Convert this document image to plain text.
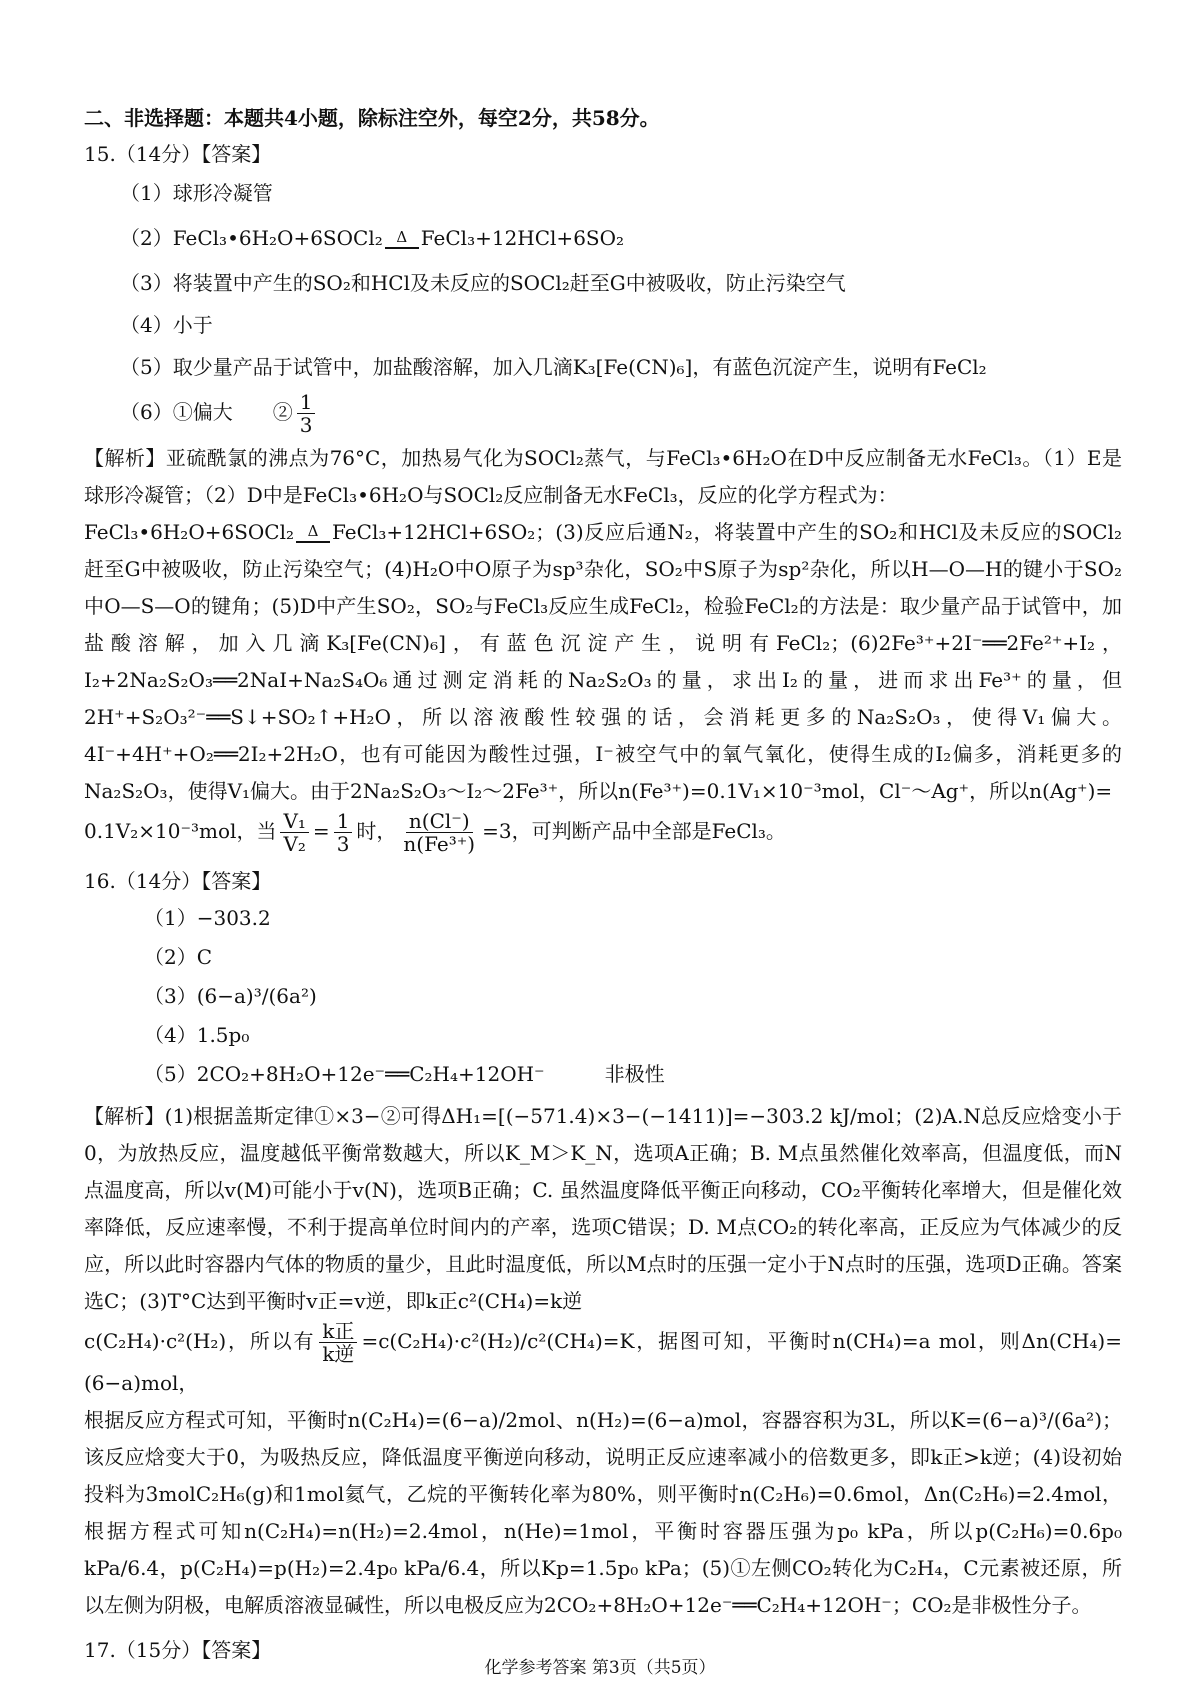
二、非选择题：本题共4小题，除标注空外，每空2分，共58分。

15.（14分）【答案】

（1）球形冷凝管

（2）FeCl₃•6H₂O+6SOCl₂ Δ FeCl₃+12HCl+6SO₂

（3）将装置中产生的SO₂和HCl及未反应的SOCl₂赶至G中被吸收，防止污染空气

（4）小于

（5）取少量产品于试管中，加盐酸溶解，加入几滴K₃[Fe(CN)₆]，有蓝色沉淀产生，说明有FeCl₂

（6）①偏大　　② $\frac{1}{3}$

【解析】亚硫酰氯的沸点为76°C，加热易气化为SOCl₂蒸气，与FeCl₃•6H₂O在D中反应制备无水FeCl₃。（1）E是球形冷凝管；（2）D中是FeCl₃•6H₂O与SOCl₂反应制备无水FeCl₃，反应的化学方程式为：
FeCl₃•6H₂O+6SOCl₂ Δ FeCl₃+12HCl+6SO₂；(3)反应后通N₂，将装置中产生的SO₂和HCl及未反应的SOCl₂ 赶至G中被吸收，防止污染空气；(4)H₂O中O原子为sp³杂化，SO₂中S原子为sp²杂化，所以H—O—H的键小于SO₂中O—S—O的键角；(5)D中产生SO₂，SO₂与FeCl₃反应生成FeCl₂，检验FeCl₂的方法是：取少量产品于试管中，加盐酸溶解，加入几滴K₃[Fe(CN)₆]，有蓝色沉淀产生，说明有FeCl₂；(6)2Fe³⁺+2I⁻══2Fe²⁺+I₂，I₂+2Na₂S₂O₃══2NaI+Na₂S₄O₆通过测定消耗的Na₂S₂O₃的量，求出I₂的量，进而求出Fe³⁺的量，但2H⁺+S₂O₃²⁻══S↓+SO₂↑+H₂O，所以溶液酸性较强的话，会消耗更多的Na₂S₂O₃，使得V₁偏大。4I⁻+4H⁺+O₂══2I₂+2H₂O，也有可能因为酸性过强，I⁻被空气中的氧气氧化，使得生成的I₂偏多，消耗更多的Na₂S₂O₃，使得V₁偏大。由于2Na₂S₂O₃～I₂～2Fe³⁺，所以n(Fe³⁺)=0.1V₁×10⁻³mol，Cl⁻～Ag⁺，所以n(Ag⁺)=
0.1V₂×10⁻³mol，当 $\frac{\text{V₁}}{\text{V₂}} = \frac{1}{3}$ 时， $\frac{n(Cl^-)}{\text{n(Fe³⁺)}} =3$，可判断产品中全部是FeCl₃。

16.（14分）【答案】

（1）−303.2

（2）C

（3）(6−a)³/(6a²)

（4）1.5p₀

（5）2CO₂+8H₂O+12e⁻══C₂H₄+12OH⁻　　　	非极性

【解析】(1)根据盖斯定律①×3−②可得ΔH₁=[(−571.4)×3−(−1411)]=−303.2 kJ/mol；(2)A.N总反应焓变小于0，为放热反应，温度越低平衡常数越大，所以K_M＞K_N，选项A正确；B. M点虽然催化效率高，但温度低，而N点温度高，所以v(M)可能小于v(N)，选项B正确；C. 虽然温度降低平衡正向移动，CO₂平衡转化率增大，但是催化效率降低，反应速率慢，不利于提高单位时间内的产率，选项C错误；D. M点CO₂的转化率高，正反应为气体减少的反应，所以此时容器内气体的物质的量少，且此时温度低，所以M点时的压强一定小于N点时的压强，选项D正确。答案选C；(3)T°C达到平衡时v正=v逆，即k正c²(CH₄)=k逆
c(C₂H₄)·c²(H₂)，所以有 $\frac{\text{k正}}{\text{k逆}} =c(C_2H_4)\cdot c^2(H_2)/c^2(CH_4)=K$，据图可知，平衡时n(CH₄)=a mol，则Δn(CH₄)=(6−a)mol，
根据反应方程式可知，平衡时n(C₂H₄)=(6−a)/2mol、n(H₂)=(6−a)mol，容器容积为3L，所以K=(6−a)³/(6a²)；该反应焓变大于0，为吸热反应，降低温度平衡逆向移动，说明正反应速率减小的倍数更多，即k正>k逆；(4)设初始投料为3molC₂H₆(g)和1mol氦气，乙烷的平衡转化率为80%，则平衡时n(C₂H₆)=0.6mol，Δn(C₂H₆)=2.4mol，根据方程式可知n(C₂H₄)=n(H₂)=2.4mol，n(He)=1mol，平衡时容器压强为p₀ kPa，所以p(C₂H₆)=0.6p₀ kPa/6.4，p(C₂H₄)=p(H₂)=2.4p₀ kPa/6.4，所以Kp=1.5p₀ kPa；(5)①左侧CO₂转化为C₂H₄，C元素被还原，所以左侧为阴极，电解质溶液显碱性，所以电极反应为2CO₂+8H₂O+12e⁻══C₂H₄+12OH⁻；CO₂是非极性分子。

17.（15分）【答案】

化学参考答案 第3页（共5页）
